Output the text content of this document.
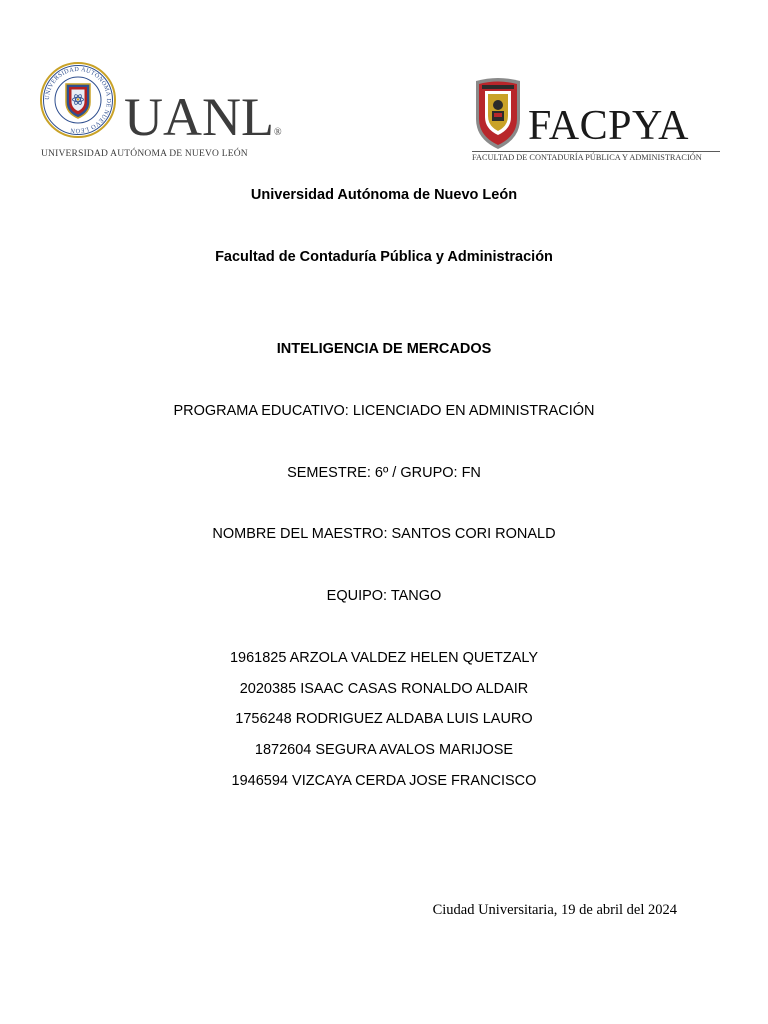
UNIVERSIDAD AUTÓNOMA DE NUEVO LEÓN UANL®
UNIVERSIDAD AUTÓNOMA DE NUEVO LEÓN
FACPYA
FACULTAD DE CONTADURÍA PÚBLICA Y ADMINISTRACIÓN
Universidad Autónoma de Nuevo León
Facultad de Contaduría Pública y Administración
INTELIGENCIA DE MERCADOS
PROGRAMA EDUCATIVO: LICENCIADO EN ADMINISTRACIÓN
SEMESTRE: 6º / GRUPO: FN
NOMBRE DEL MAESTRO: SANTOS CORI RONALD
EQUIPO: TANGO
1961825 ARZOLA VALDEZ HELEN QUETZALY
2020385 ISAAC CASAS RONALDO ALDAIR
1756248 RODRIGUEZ ALDABA LUIS LAURO
1872604 SEGURA AVALOS MARIJOSE
1946594 VIZCAYA CERDA JOSE FRANCISCO
Ciudad Universitaria, 19 de abril del 2024
